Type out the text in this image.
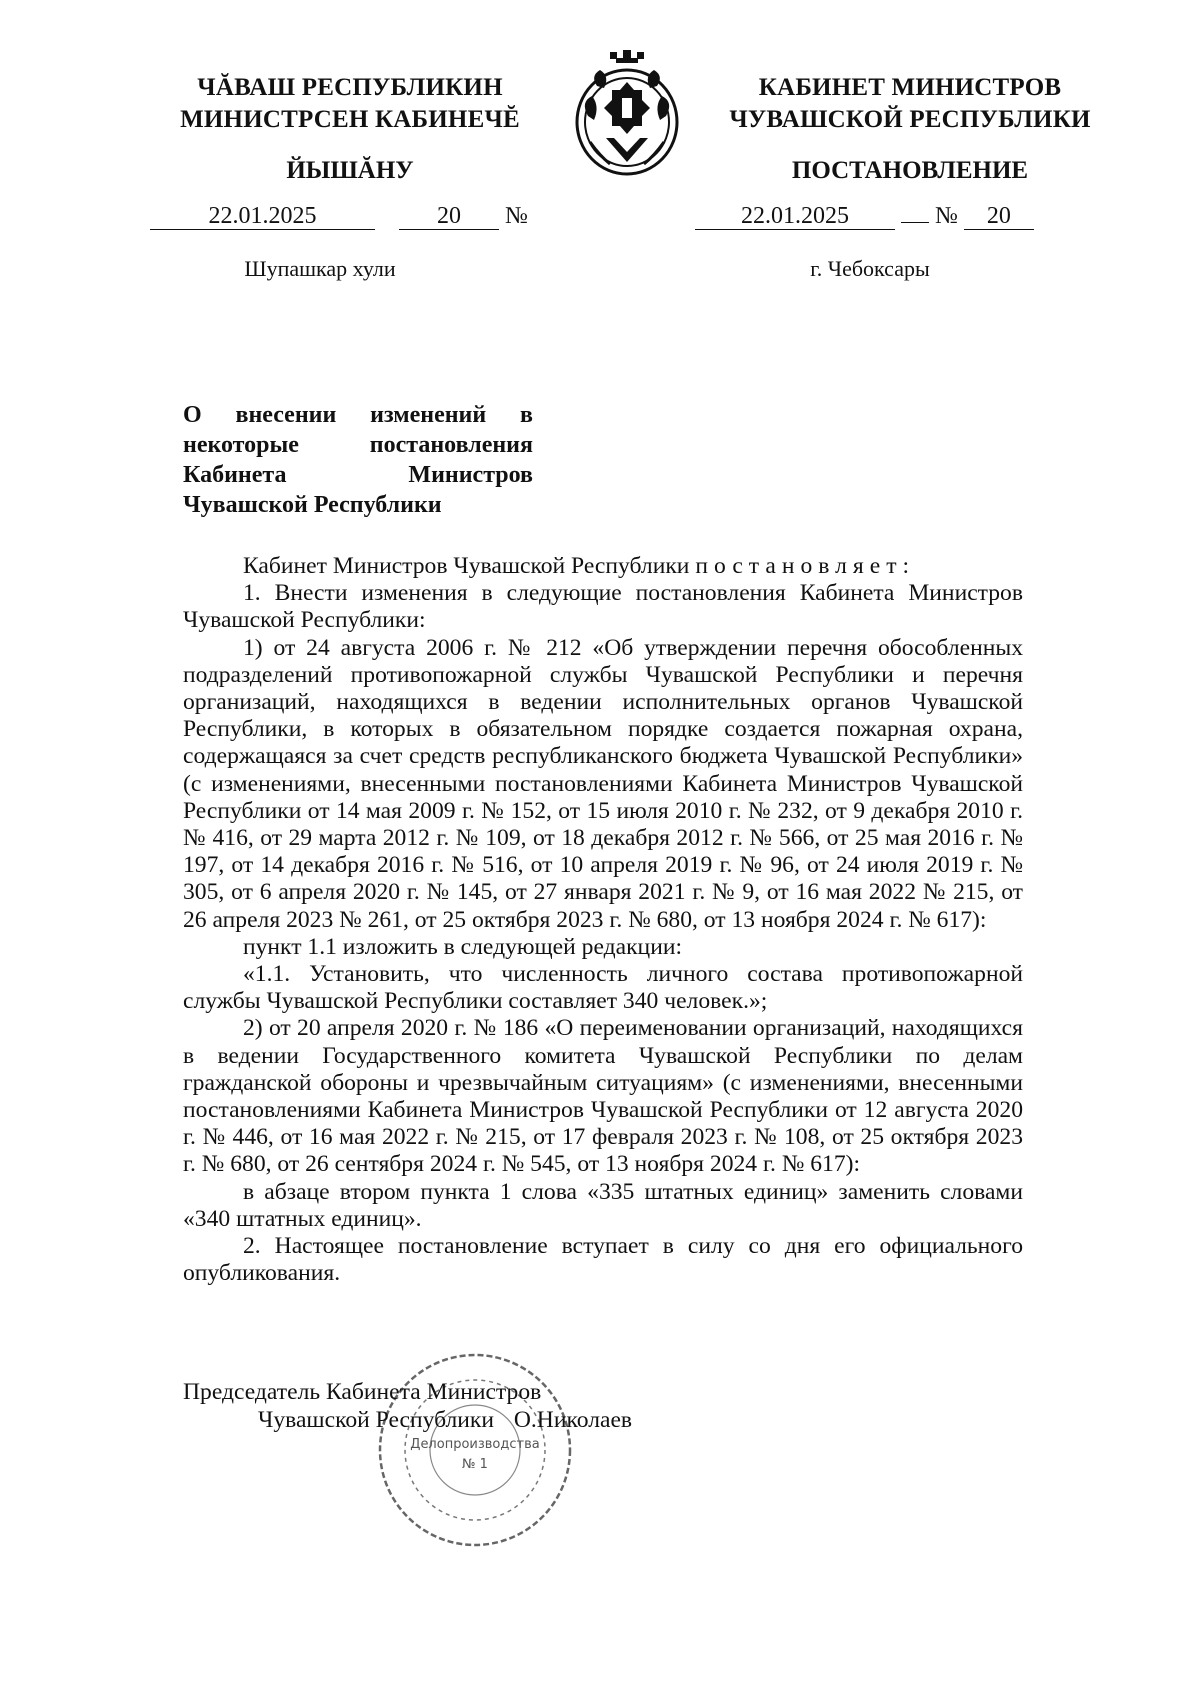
ЧĂВАШ РЕСПУБЛИКИН
МИНИСТРСЕН КАБИНЕЧĔ
ЙЫШĂНУ
КАБИНЕТ МИНИСТРОВ
ЧУВАШСКОЙ РЕСПУБЛИКИ
ПОСТАНОВЛЕНИЕ
22.01.2025	20 №	22.01.2025	№ 20
Шупашкар хули	г. Чебоксары
О внесении изменений в некоторые постановления Кабинета Министров Чувашской Республики

Кабинет Министров Чувашской Республики постановляет:

1. Внести изменения в следующие постановления Кабинета Министров Чувашской Республики:

1) от 24 августа 2006 г. № 212 «Об утверждении перечня обособленных подразделений противопожарной службы Чувашской Республики и перечня организаций, находящихся в ведении исполнительных органов Чувашской Республики, в которых в обязательном порядке создается пожарная охрана, содержащаяся за счет средств республиканского бюджета Чувашской Республики» (с изменениями, внесенными постановлениями Кабинета Министров Чувашской Республики от 14 мая 2009 г. № 152, от 15 июля 2010 г. № 232, от 9 декабря 2010 г. № 416, от 29 марта 2012 г. № 109, от 18 декабря 2012 г. № 566, от 25 мая 2016 г. № 197, от 14 декабря 2016 г. № 516, от 10 апреля 2019 г. № 96, от 24 июля 2019 г. № 305, от 6 апреля 2020 г. № 145, от 27 января 2021 г. № 9, от 16 мая 2022 № 215, от 26 апреля 2023 № 261, от 25 октября 2023 г. № 680, от 13 ноября 2024 г. № 617):

пункт 1.1 изложить в следующей редакции:

«1.1. Установить, что численность личного состава противопожарной службы Чувашской Республики составляет 340 человек.»;

2) от 20 апреля 2020 г. № 186 «О переименовании организаций, находящихся в ведении Государственного комитета Чувашской Республики по делам гражданской обороны и чрезвычайным ситуациям» (с изменениями, внесенными постановлениями Кабинета Министров Чувашской Республики от 12 августа 2020 г. № 446, от 16 мая 2022 г. № 215, от 17 февраля 2023 г. № 108, от 25 октября 2023 г. № 680, от 26 сентября 2024 г. № 545, от 13 ноября 2024 г. № 617):

в абзаце втором пункта 1 слова «335 штатных единиц» заменить словами «340 штатных единиц».

2. Настоящее постановление вступает в силу со дня его официального опубликования.

Делопроизводства
№ 1
Председатель Кабинета Министров
Чувашской Республики О.Николаев
